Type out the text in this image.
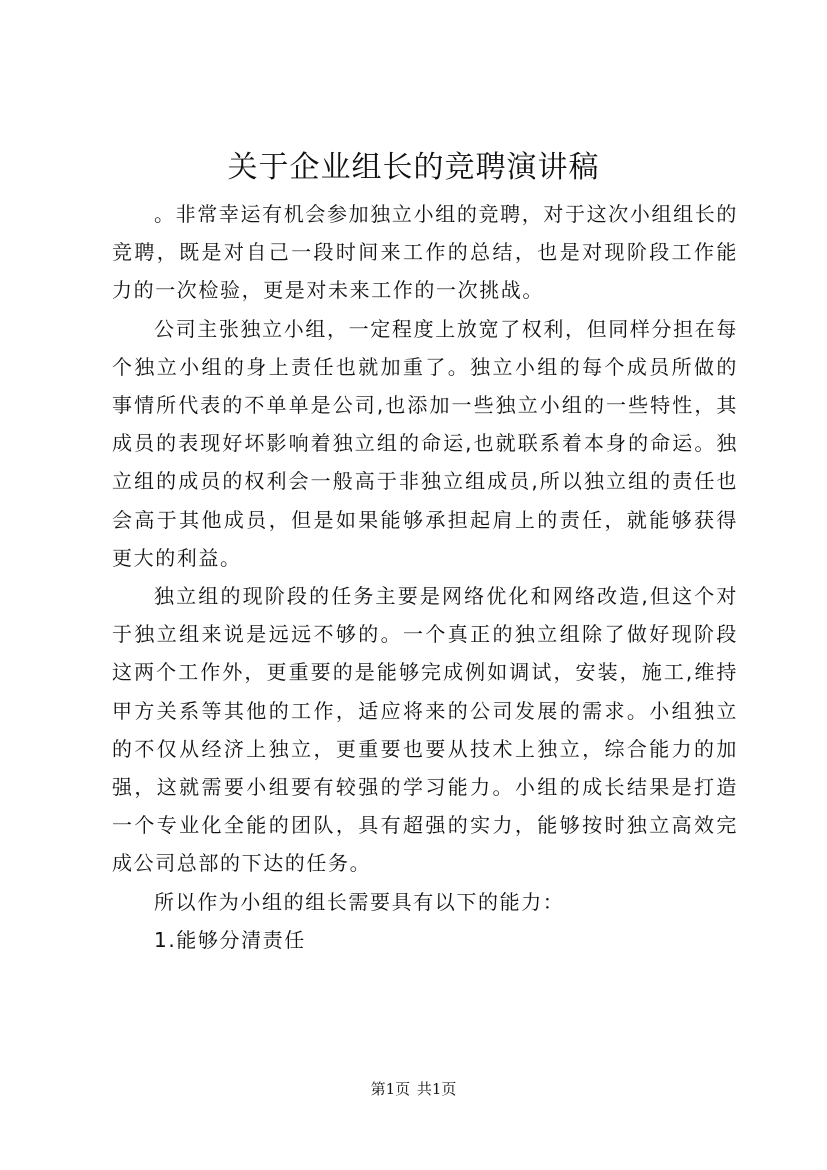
关于企业组长的竞聘演讲稿

。非常幸运有机会参加独立小组的竞聘，对于这次小组组长的竞聘，既是对自己一段时间来工作的总结，也是对现阶段工作能力的一次检验，更是对未来工作的一次挑战。

公司主张独立小组，一定程度上放宽了权利，但同样分担在每个独立小组的身上责任也就加重了。独立小组的每个成员所做的事情所代表的不单单是公司,也添加一些独立小组的一些特性，其成员的表现好坏影响着独立组的命运,也就联系着本身的命运。独立组的成员的权利会一般高于非独立组成员,所以独立组的责任也会高于其他成员，但是如果能够承担起肩上的责任，就能够获得更大的利益。

独立组的现阶段的任务主要是网络优化和网络改造,但这个对于独立组来说是远远不够的。一个真正的独立组除了做好现阶段这两个工作外，更重要的是能够完成例如调试，安装，施工,维持甲方关系等其他的工作，适应将来的公司发展的需求。小组独立的不仅从经济上独立，更重要也要从技术上独立，综合能力的加强，这就需要小组要有较强的学习能力。小组的成长结果是打造一个专业化全能的团队，具有超强的实力，能够按时独立高效完成公司总部的下达的任务。

所以作为小组的组长需要具有以下的能力：

1.能够分清责任

第1页 共1页
